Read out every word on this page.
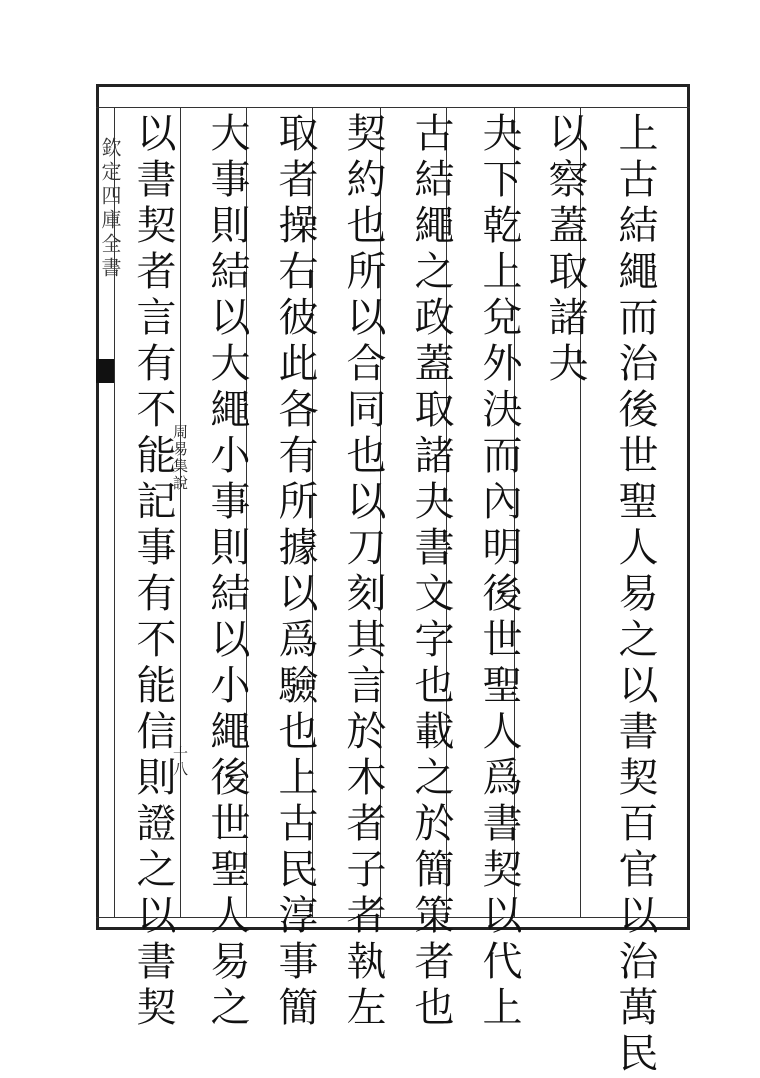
欽定四庫全書
周易集說
十八	上古結繩而治後世聖人易之以書契百官以治萬民
以察蓋取諸夬
夬下乾上兌外決而內明後世聖人爲書契以代上
古結繩之政蓋取諸夬書文字也載之於簡策者也
契約也所以合同也以刀刻其言於木者子者執左
取者操右彼此各有所據以爲驗也上古民淳事簡
大事則結以大繩小事則結以小繩後世聖人易之
以書契者言有不能記事有不能信則證之以書契
